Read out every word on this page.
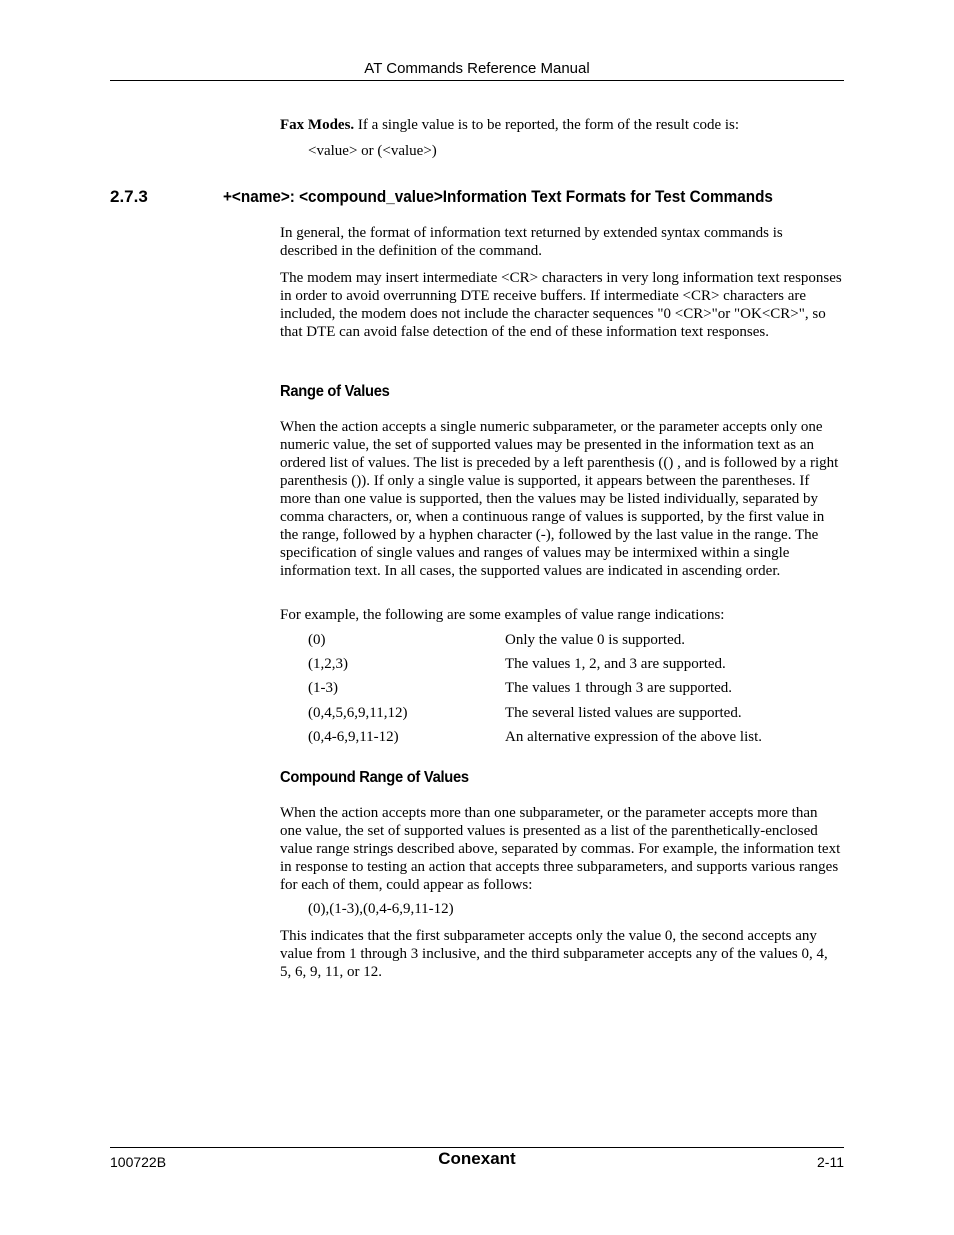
AT Commands Reference Manual

Fax Modes. If a single value is to be reported, the form of the result code is:

<value> or (<value>)
2.7.3	+<name>: <compound_value>Information Text Formats for Test Commands
In general, the format of information text returned by extended syntax commands is described in the definition of the command.
The modem may insert intermediate <CR> characters in very long information text responses in order to avoid overrunning DTE receive buffers. If intermediate <CR> characters are included, the modem does not include the character sequences "0 <CR>"or "OK<CR>", so that DTE can avoid false detection of the end of these information text responses.
Range of Values
When the action accepts a single numeric subparameter, or the parameter accepts only one numeric value, the set of supported values may be presented in the information text as an ordered list of values. The list is preceded by a left parenthesis (() , and is followed by a right parenthesis ()). If only a single value is supported, it appears between the parentheses. If more than one value is supported, then the values may be listed individually, separated by comma characters, or, when a continuous range of values is supported, by the first value in the range, followed by a hyphen character (-), followed by the last value in the range. The specification of single values and ranges of values may be intermixed within a single information text. In all cases, the supported values are indicated in ascending order.
For example, the following are some examples of value range indications:
(0)	Only the value 0 is supported.
(1,2,3)	The values 1, 2, and 3 are supported.
(1-3)	The values 1 through 3 are supported.
(0,4,5,6,9,11,12)	The several listed values are supported.
(0,4-6,9,11-12)	An alternative expression of the above list.
Compound Range of Values
When the action accepts more than one subparameter, or the parameter accepts more than one value, the set of supported values is presented as a list of the parenthetically-enclosed value range strings described above, separated by commas. For example, the information text in response to testing an action that accepts three subparameters, and supports various ranges for each of them, could appear as follows:
(0),(1-3),(0,4-6,9,11-12)
This indicates that the first subparameter accepts only the value 0, the second accepts any value from 1 through 3 inclusive, and the third subparameter accepts any of the values 0, 4, 5, 6, 9, 11, or 12.
100722B	Conexant	2-11
